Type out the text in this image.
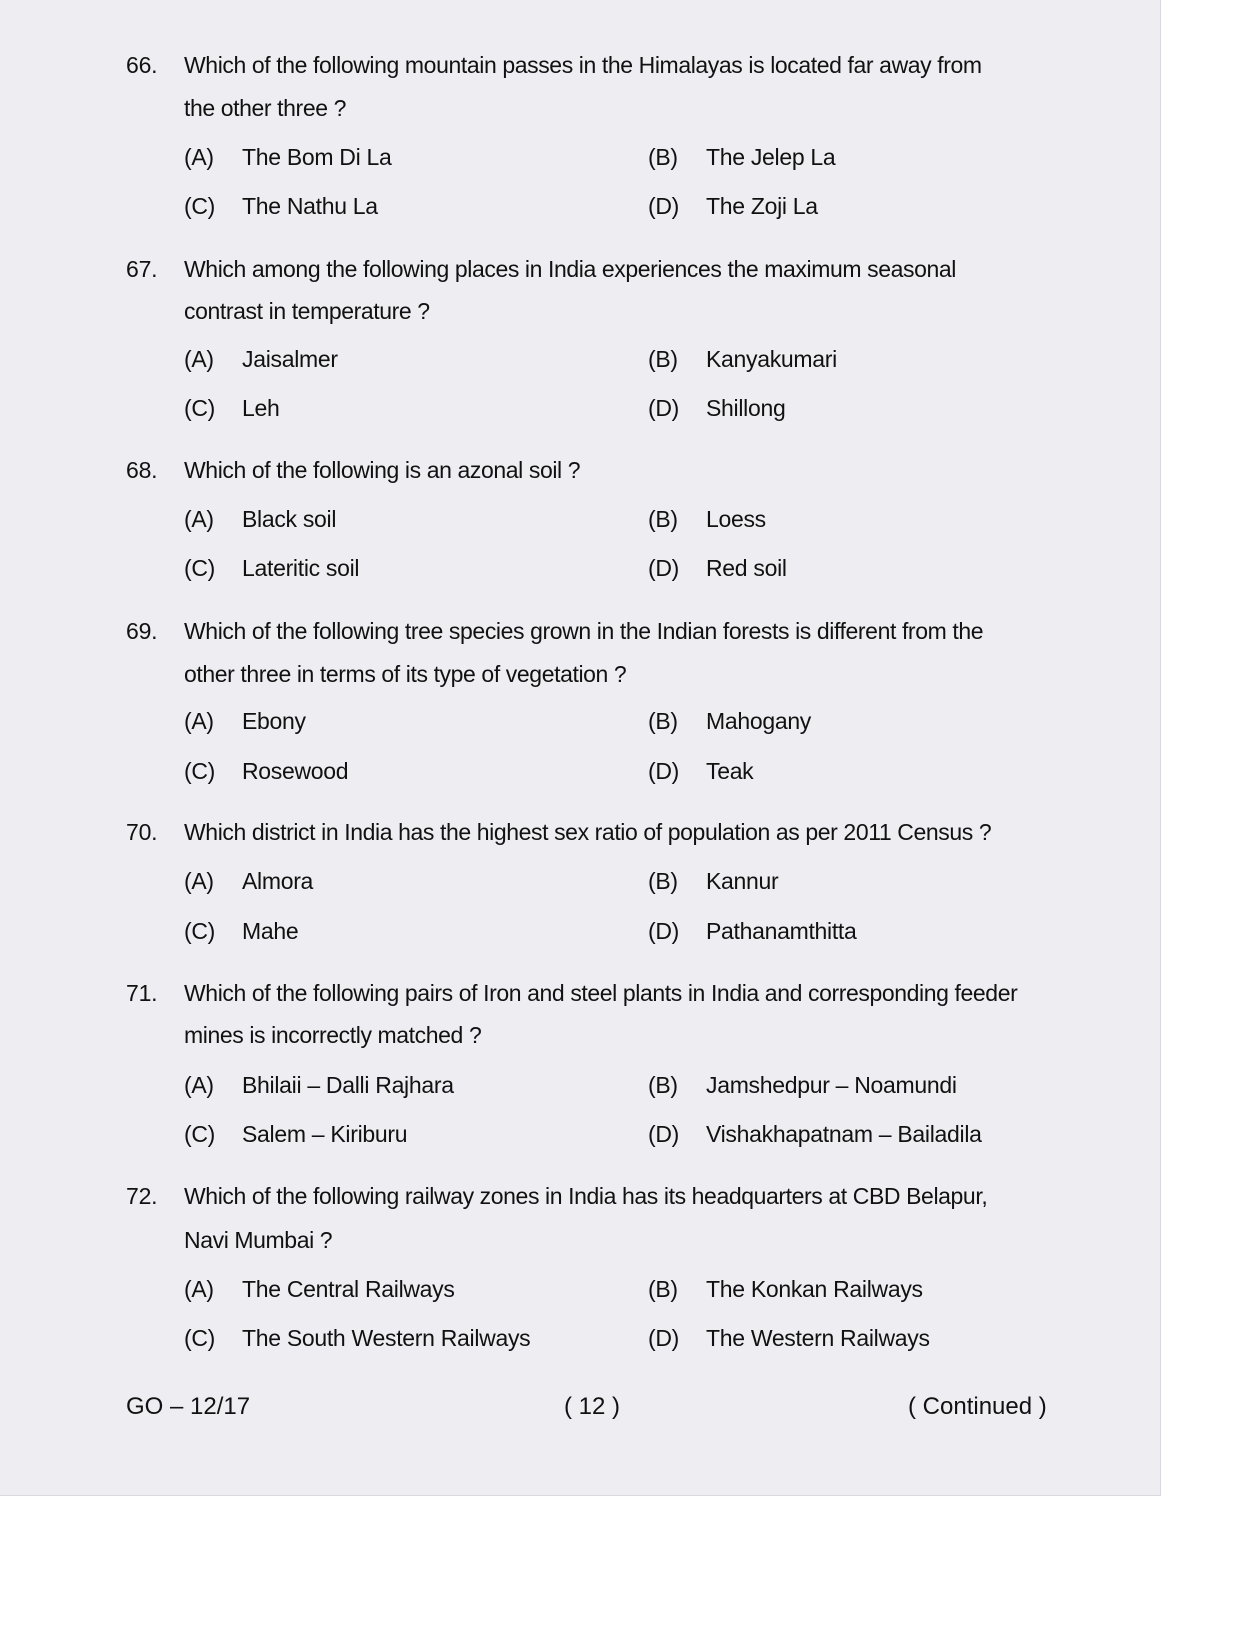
66. Which of the following mountain passes in the Himalayas is located far away from
the other three ?
(A) The Bom Di La	(B) The Jelep La
(C) The Nathu La	(D) The Zoji La
67. Which among the following places in India experiences the maximum seasonal
contrast in temperature ?
(A) Jaisalmer	(B) Kanyakumari
(C) Leh	(D) Shillong
68. Which of the following is an azonal soil ?
(A) Black soil	(B) Loess
(C) Lateritic soil	(D) Red soil
69. Which of the following tree species grown in the Indian forests is different from the
other three in terms of its type of vegetation ?
(A) Ebony	(B) Mahogany
(C) Rosewood	(D) Teak
70. Which district in India has the highest sex ratio of population as per 2011 Census ?
(A) Almora	(B) Kannur
(C) Mahe	(D) Pathanamthitta
71. Which of the following pairs of Iron and steel plants in India and corresponding feeder
mines is incorrectly matched ?
(A) Bhilaii – Dalli Rajhara	(B) Jamshedpur – Noamundi
(C) Salem – Kiriburu	(D) Vishakhapatnam – Bailadila
72. Which of the following railway zones in India has its headquarters at CBD Belapur,
Navi Mumbai ?
(A) The Central Railways	(B) The Konkan Railways
(C) The South Western Railways	(D) The Western Railways
GO – 12/17	( 12 )	( Continued )
